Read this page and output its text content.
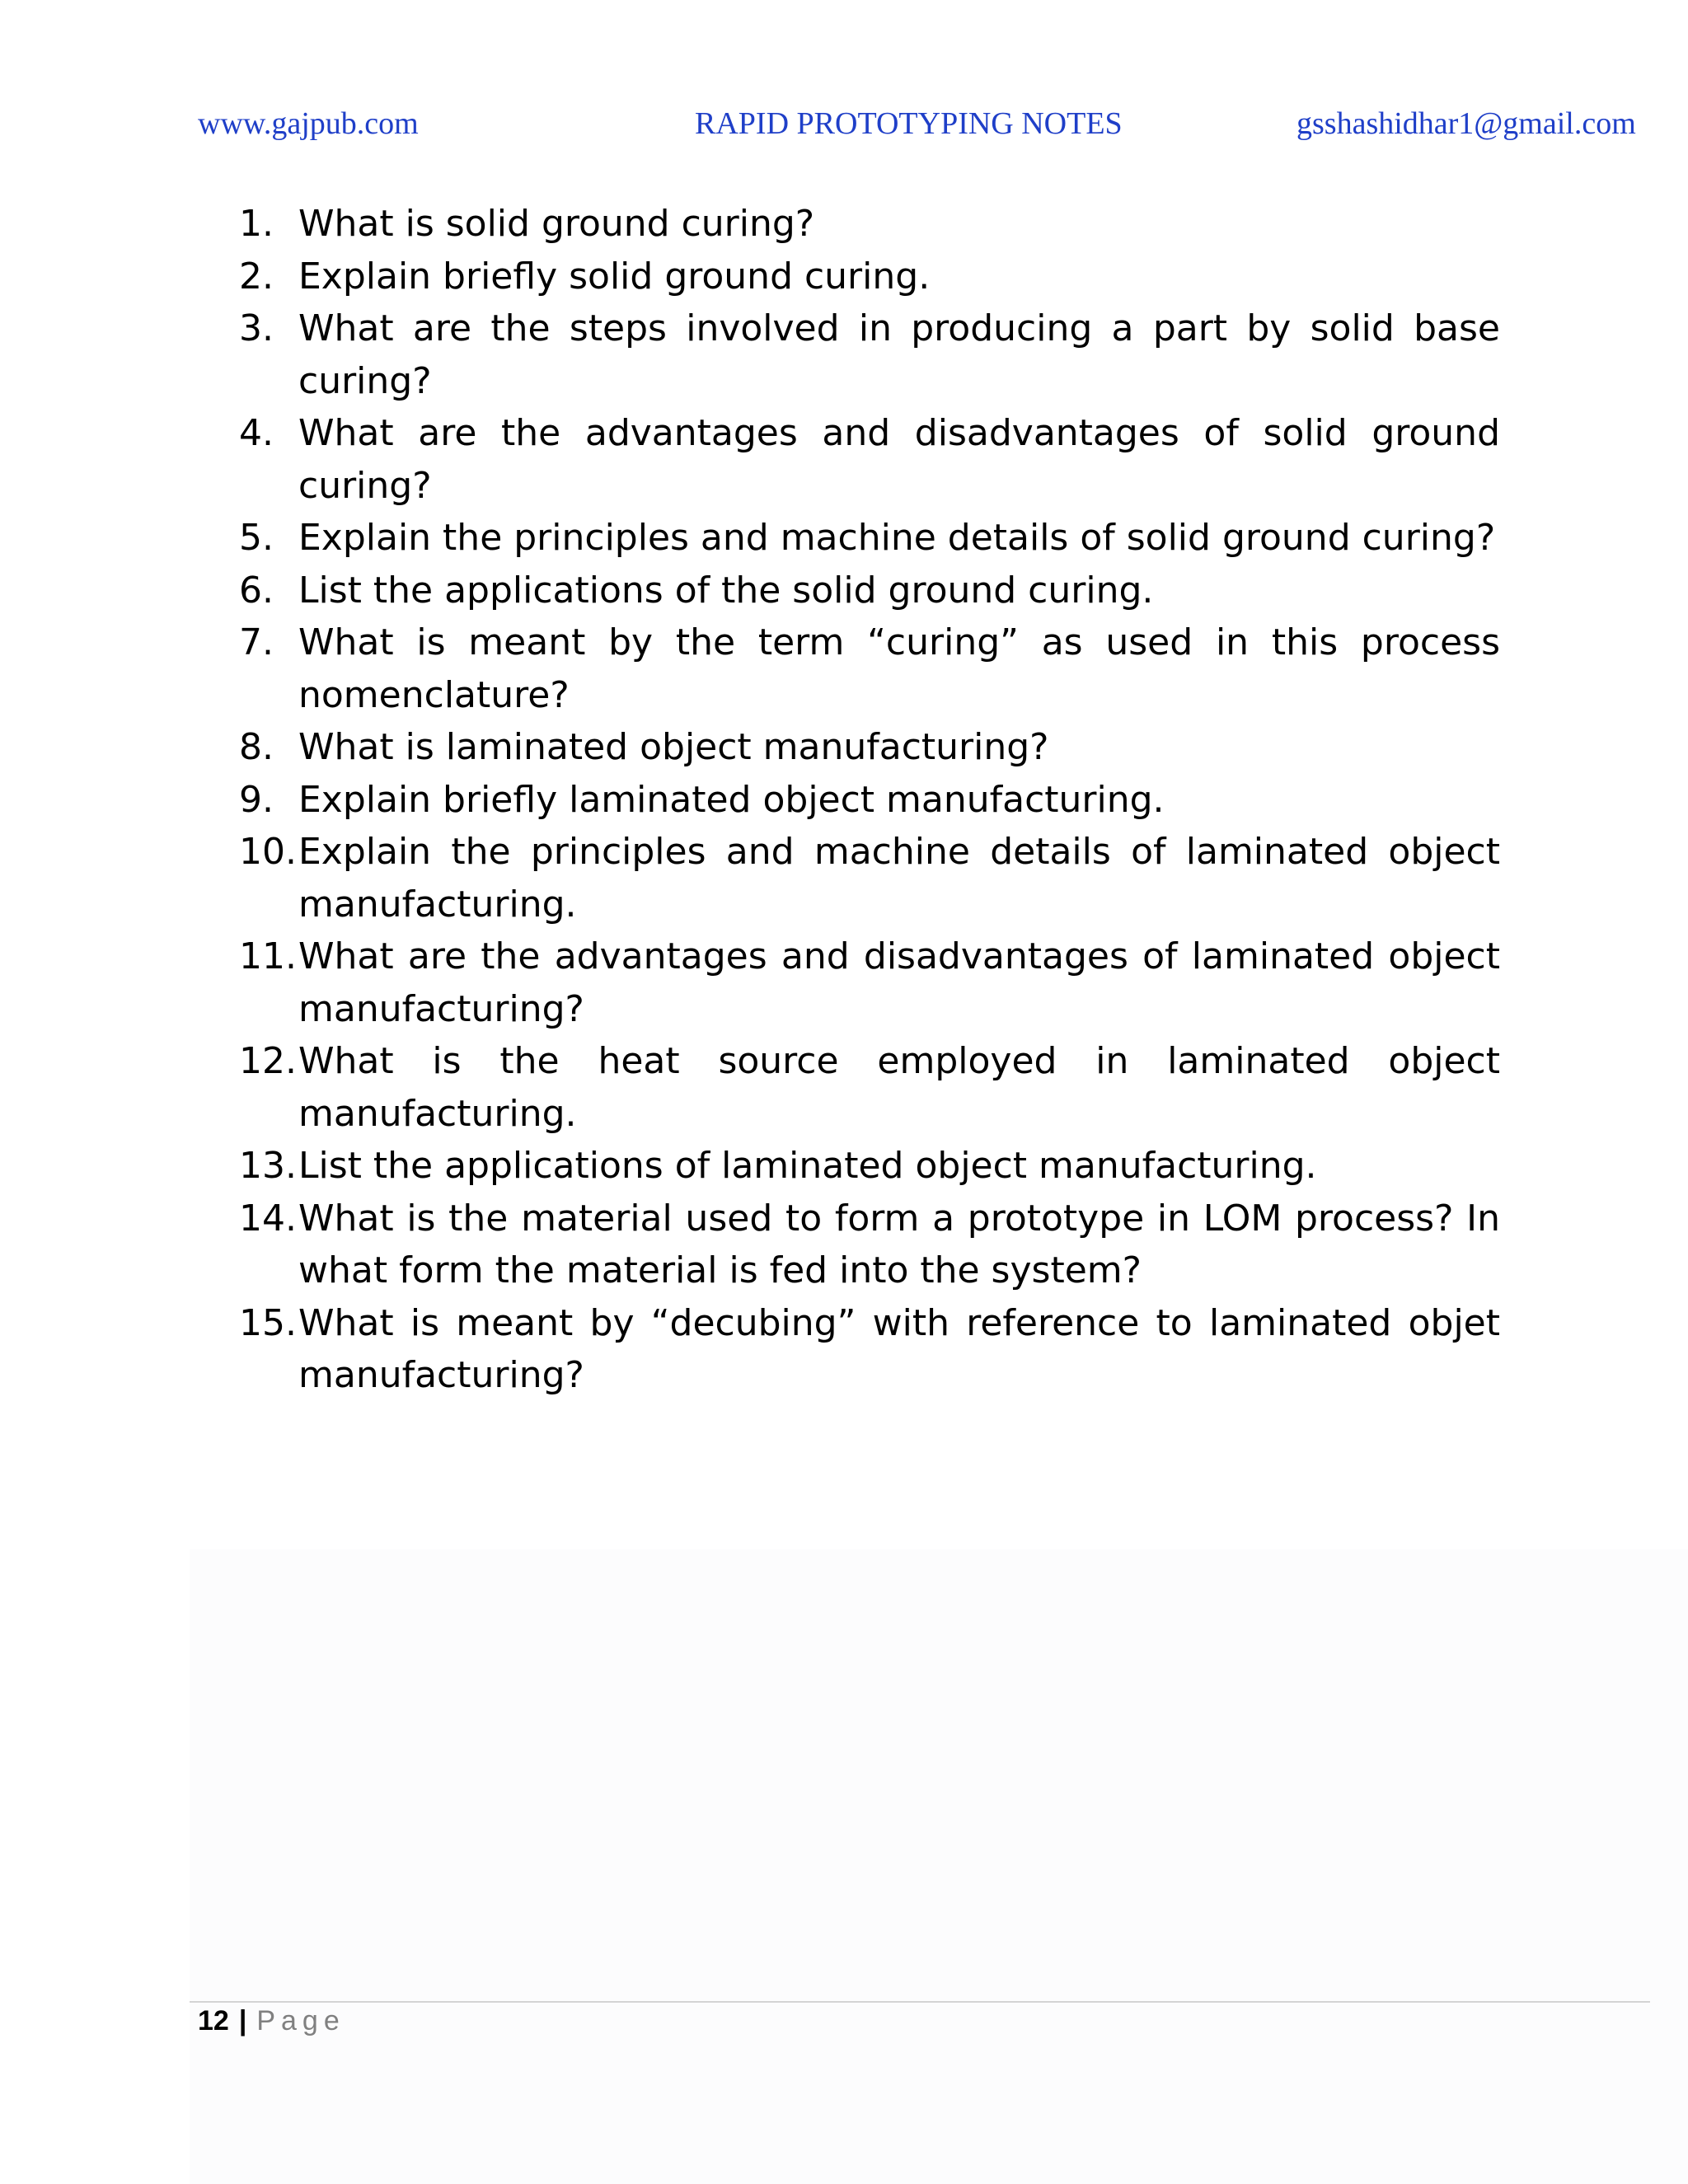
www.gajpub.com	RAPID PROTOTYPING NOTES	gsshashidhar1@gmail.com
1. What is solid ground curing?
2. Explain briefly solid ground curing.
3. What are the steps involved in producing a part by solid base curing?
4. What are the advantages and disadvantages of solid ground curing?
5. Explain the principles and machine details of solid ground curing?
6. List the applications of the solid ground curing.
7. What is meant by the term “curing” as used in this process nomenclature?
8. What is laminated object manufacturing?
9. Explain briefly laminated object manufacturing.
10. Explain the principles and machine details of laminated object manufacturing.
11. What are the advantages and disadvantages of laminated object manufacturing?
12. What is the heat source employed in laminated object manufacturing.
13. List the applications of laminated object manufacturing.
14. What is the material used to form a prototype in LOM process? In what form the material is fed into the system?
15. What is meant by “decubing” with reference to laminated objet manufacturing?
12 | Page
